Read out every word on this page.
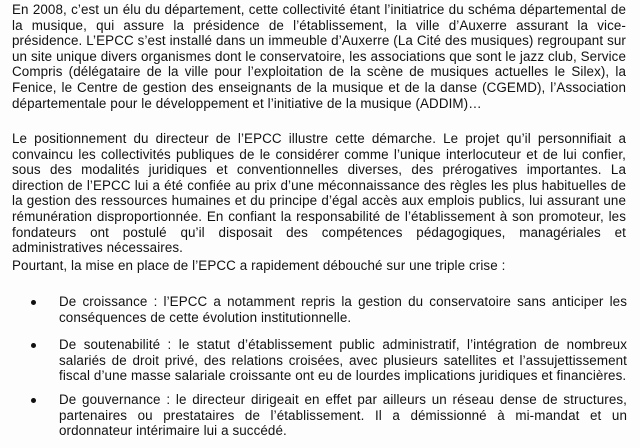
En 2008, c’est un élu du département, cette collectivité étant l’initiatrice du schéma départemental de la musique, qui assure la présidence de l’établissement, la ville d’Auxerre assurant la vice-présidence. L’EPCC s’est installé dans un immeuble d’Auxerre (La Cité des musiques) regroupant sur un site unique divers organismes dont le conservatoire, les associations que sont le jazz club, Service Compris (délégataire de la ville pour l’exploitation de la scène de musiques actuelles le Silex), la Fenice, le Centre de gestion des enseignants de la musique et de la danse (CGEMD), l’Association départementale pour le développement et l’initiative de la musique (ADDIM)…

Le positionnement du directeur de l’EPCC illustre cette démarche. Le projet qu’il personnifiait a convaincu les collectivités publiques de le considérer comme l’unique interlocuteur et de lui confier, sous des modalités juridiques et conventionnelles diverses, des prérogatives importantes. La direction de l’EPCC lui a été confiée au prix d’une méconnaissance des règles les plus habituelles de la gestion des ressources humaines et du principe d’égal accès aux emplois publics, lui assurant une rémunération disproportionnée. En confiant la responsabilité de l’établissement à son promoteur, les fondateurs ont postulé qu’il disposait des compétences pédagogiques, managériales et administratives nécessaires.

Pourtant, la mise en place de l’EPCC a rapidement débouché sur une triple crise :

De croissance : l’EPCC a notamment repris la gestion du conservatoire sans anticiper les conséquences de cette évolution institutionnelle.

De soutenabilité : le statut d’établissement public administratif, l’intégration de nombreux salariés de droit privé, des relations croisées, avec plusieurs satellites et l’assujettissement fiscal d’une masse salariale croissante ont eu de lourdes implications juridiques et financières.

De gouvernance : le directeur dirigeait en effet par ailleurs un réseau dense de structures, partenaires ou prestataires de l’établissement. Il a démissionné à mi-mandat et un ordonnateur intérimaire lui a succédé.
